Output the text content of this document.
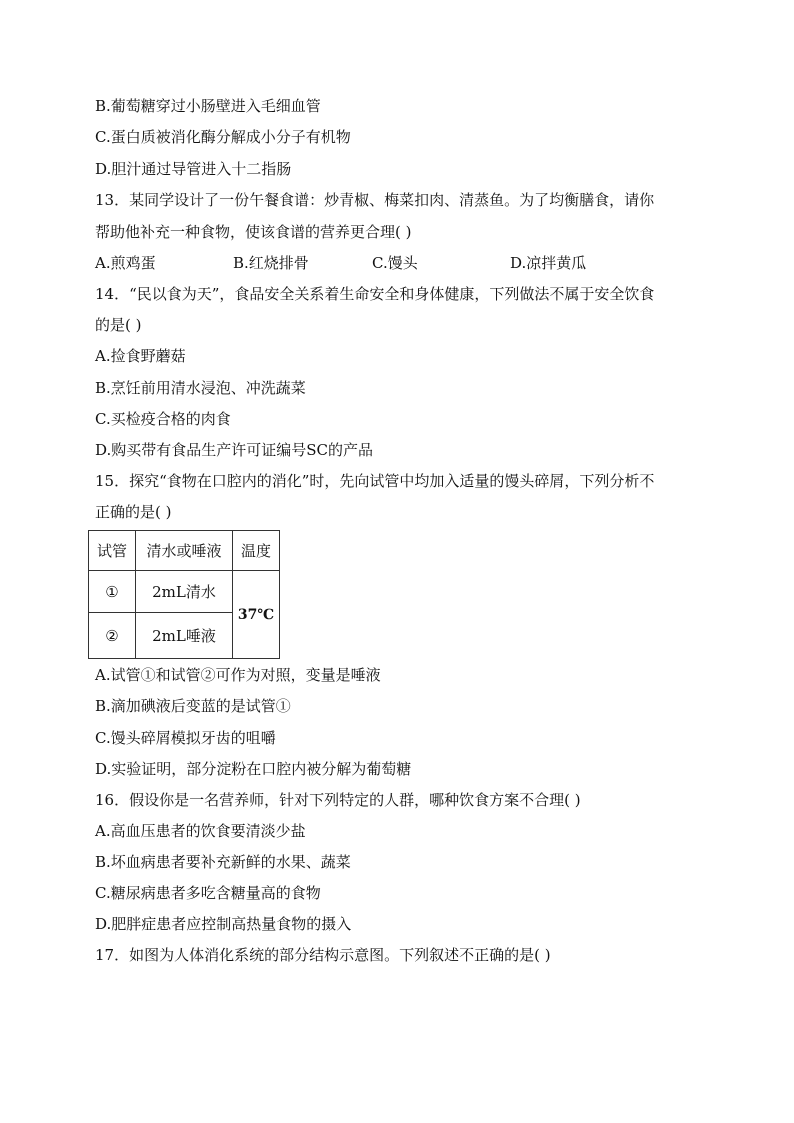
B.葡萄糖穿过小肠壁进入毛细血管
C.蛋白质被消化酶分解成小分子有机物
D.胆汁通过导管进入十二指肠
13．某同学设计了一份午餐食谱：炒青椒、梅菜扣肉、清蒸鱼。为了均衡膳食，请你
帮助他补充一种食物，使该食谱的营养更合理( )
A.煎鸡蛋	B.红烧排骨	C.馒头	D.凉拌黄瓜
14．“民以食为天”，食品安全关系着生命安全和身体健康，下列做法不属于安全饮食
的是( )
A.捡食野蘑菇
B.烹饪前用清水浸泡、冲洗蔬菜
C.买检疫合格的肉食
D.购买带有食品生产许可证编号SC的产品
15．探究“食物在口腔内的消化”时，先向试管中均加入适量的馒头碎屑，下列分析不
正确的是( )
试管	清水或唾液	温度
①	2mL清水	37℃
②	2mL唾液	
A.试管①和试管②可作为对照，变量是唾液
B.滴加碘液后变蓝的是试管①
C.馒头碎屑模拟牙齿的咀嚼
D.实验证明，部分淀粉在口腔内被分解为葡萄糖
16．假设你是一名营养师，针对下列特定的人群，哪种饮食方案不合理( )
A.高血压患者的饮食要清淡少盐
B.坏血病患者要补充新鲜的水果、蔬菜
C.糖尿病患者多吃含糖量高的食物
D.肥胖症患者应控制高热量食物的摄入
17．如图为人体消化系统的部分结构示意图。下列叙述不正确的是( )
